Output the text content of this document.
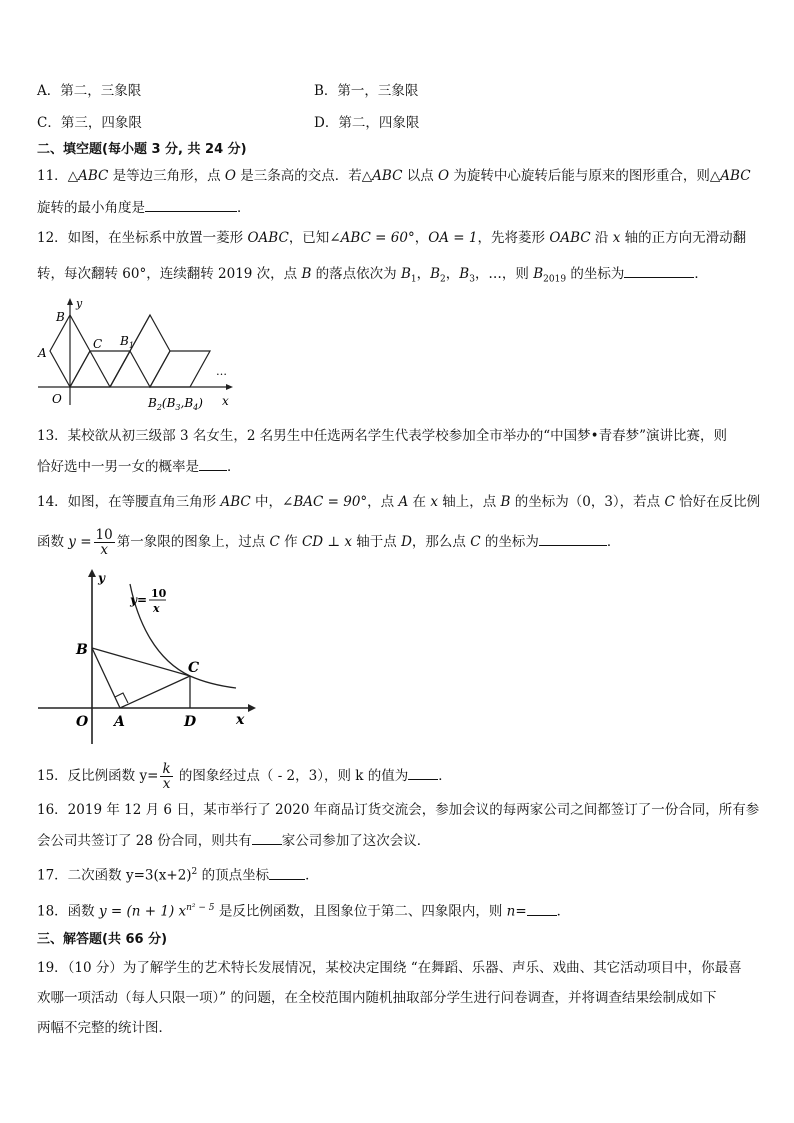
A．第二，三象限	B．第一，三象限
C．第三，四象限	D．第二，四象限
二、填空题(每小题 3 分, 共 24 分)
11．△ABC 是等边三角形，点 O 是三条高的交点．若△ABC 以点 O 为旋转中心旋转后能与原来的图形重合，则△ABC
旋转的最小角度是	．
12．如图，在坐标系中放置一菱形 OABC，已知∠ABC = 60°，OA = 1，先将菱形 OABC 沿 x 轴的正方向无滑动翻
转，每次翻转 60°，连续翻转 2019 次，点 B 的落点依次为 $B_1$，$B_2$，$B_3$，…，则 $B_{2019}$ 的坐标为	．
y
B
A
C $B_1$
O	$B_2(B_3,B_4)$ x
…
13．某校欲从初三级部 3 名女生，2 名男生中任选两名学生代表学校参加全市举办的“中国梦•青春梦”演讲比赛，则
恰好选中一男一女的概率是 ．
14．如图，在等腰直角三角形 ABC 中，∠BAC = 90°，点 A 在 x 轴上，点 B 的坐标为（0，3），若点 C 恰好在反比例
函数 $y = \frac{10}{x}$ 第一象限的图象上，过点 C 作 CD ⊥ x 轴于点 D，那么点 C 的坐标为	．
y
y= 10
x
B
C
O A	D	x
15．反比例函数 $y= \frac{k}{x}$ 的图象经过点（ - 2，3），则 k 的值为 ．
16．2019 年 12 月 6 日，某市举行了 2020 年商品订货交流会，参加会议的每两家公司之间都签订了一份合同，所有参
会公司共签订了 28 份合同，则共有 家公司参加了这次会议．
17．二次函数 $y=3(x+2)^2$ 的顶点坐标	．
18．函数 y = (n + 1) $x^{n^2 - 5}$ 是反比例函数，且图象位于第二、四象限内，则 n= ．
三、解答题(共 66 分)
19．（10 分）为了解学生的艺术特长发展情况，某校决定围绕 “在舞蹈、乐器、声乐、戏曲、其它活动项目中，你最喜
欢哪一项活动（每人只限一项）” 的问题，在全校范围内随机抽取部分学生进行问卷调查，并将调查结果绘制成如下
两幅不完整的统计图．
